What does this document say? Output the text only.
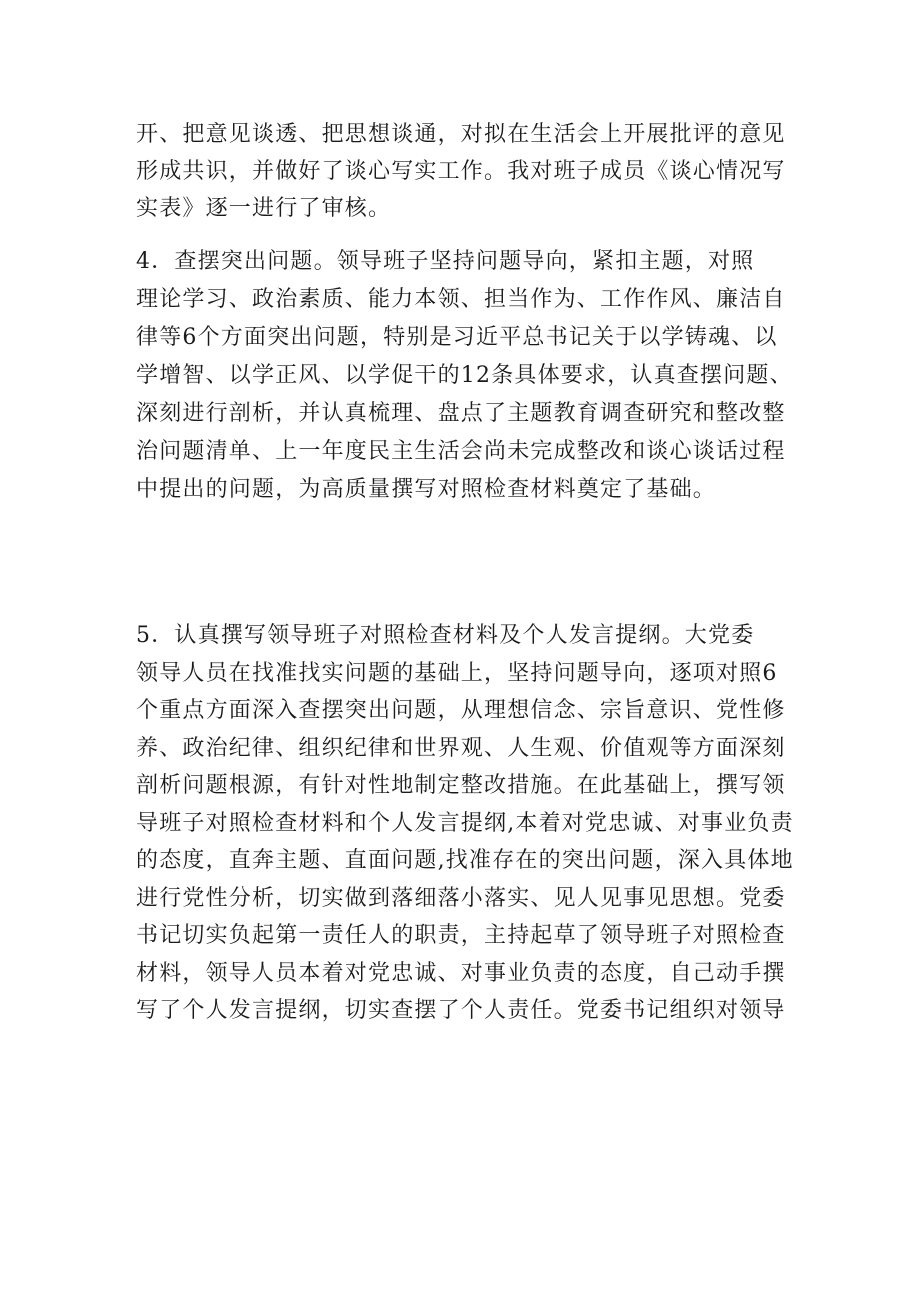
开、把意见谈透、把思想谈通，对拟在生活会上开展批评的意见
形成共识，并做好了谈心写实工作。我对班子成员《谈心情况写
实表》逐一进行了审核。
4．查摆突出问题。领导班子坚持问题导向，紧扣主题，对照
理论学习、政治素质、能力本领、担当作为、工作作风、廉洁自
律等6个方面突出问题，特别是习近平总书记关于以学铸魂、以
学增智、以学正风、以学促干的12条具体要求，认真查摆问题、
深刻进行剖析，并认真梳理、盘点了主题教育调查研究和整改整
治问题清单、上一年度民主生活会尚未完成整改和谈心谈话过程
中提出的问题，为高质量撰写对照检查材料奠定了基础。
5．认真撰写领导班子对照检查材料及个人发言提纲。大党委
领导人员在找准找实问题的基础上，坚持问题导向，逐项对照6
个重点方面深入查摆突出问题，从理想信念、宗旨意识、党性修
养、政治纪律、组织纪律和世界观、人生观、价值观等方面深刻
剖析问题根源，有针对性地制定整改措施。在此基础上，撰写领
导班子对照检查材料和个人发言提纲,本着对党忠诚、对事业负责
的态度，直奔主题、直面问题,找准存在的突出问题，深入具体地
进行党性分析，切实做到落细落小落实、见人见事见思想。党委
书记切实负起第一责任人的职责，主持起草了领导班子对照检查
材料，领导人员本着对党忠诚、对事业负责的态度，自己动手撰
写了个人发言提纲，切实查摆了个人责任。党委书记组织对领导
